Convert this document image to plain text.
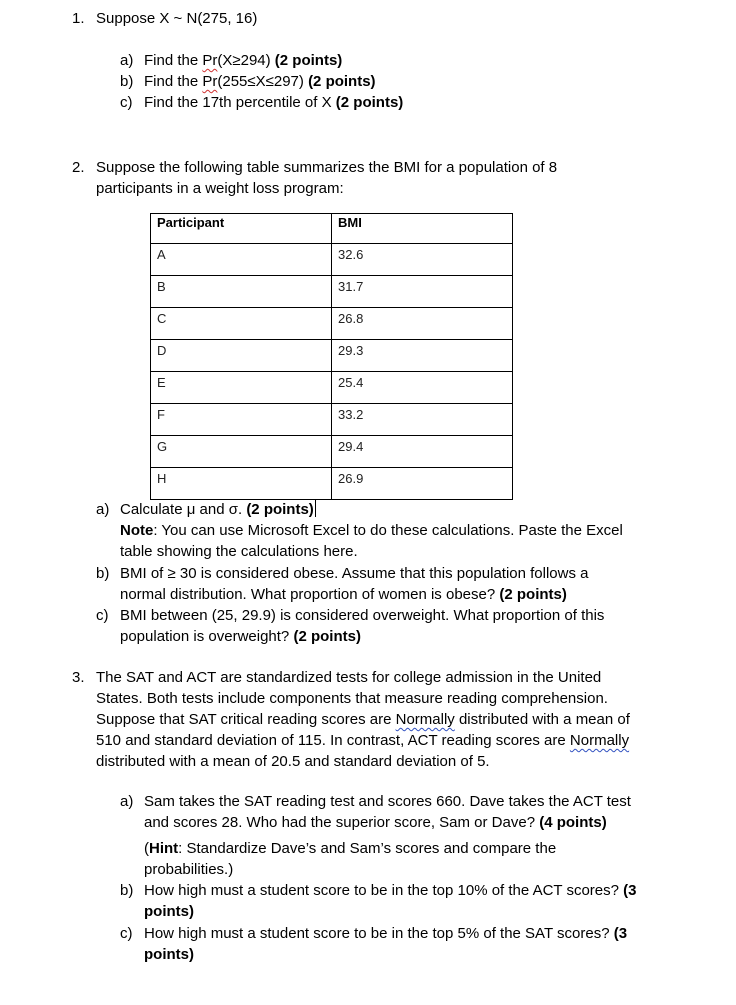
1. Suppose X ~ N(275, 16)
a) Find the Pr(X≥294) (2 points)
b) Find the Pr(255≤X≤297) (2 points)
c) Find the 17th percentile of X (2 points)
2. Suppose the following table summarizes the BMI for a population of 8
participants in a weight loss program:
Participant	BMI
A	32.6
B	31.7
C	26.8
D	29.3
E	25.4
F	33.2
G	29.4
H	26.9
a) Calculate μ and σ. (2 points)
Note: You can use Microsoft Excel to do these calculations. Paste the Excel
table showing the calculations here.
b) BMI of ≥ 30 is considered obese. Assume that this population follows a
normal distribution. What proportion of women is obese? (2 points)
c) BMI between (25, 29.9) is considered overweight. What proportion of this
population is overweight? (2 points)
3. The SAT and ACT are standardized tests for college admission in the United
States. Both tests include components that measure reading comprehension.
Suppose that SAT critical reading scores are Normally distributed with a mean of
510 and standard deviation of 115. In contrast, ACT reading scores are Normally
distributed with a mean of 20.5 and standard deviation of 5.
a) Sam takes the SAT reading test and scores 660. Dave takes the ACT test
and scores 28. Who had the superior score, Sam or Dave? (4 points)
(Hint: Standardize Dave’s and Sam’s scores and compare the
probabilities.)
b) How high must a student score to be in the top 10% of the ACT scores? (3
points)
c) How high must a student score to be in the top 5% of the SAT scores? (3
points)
